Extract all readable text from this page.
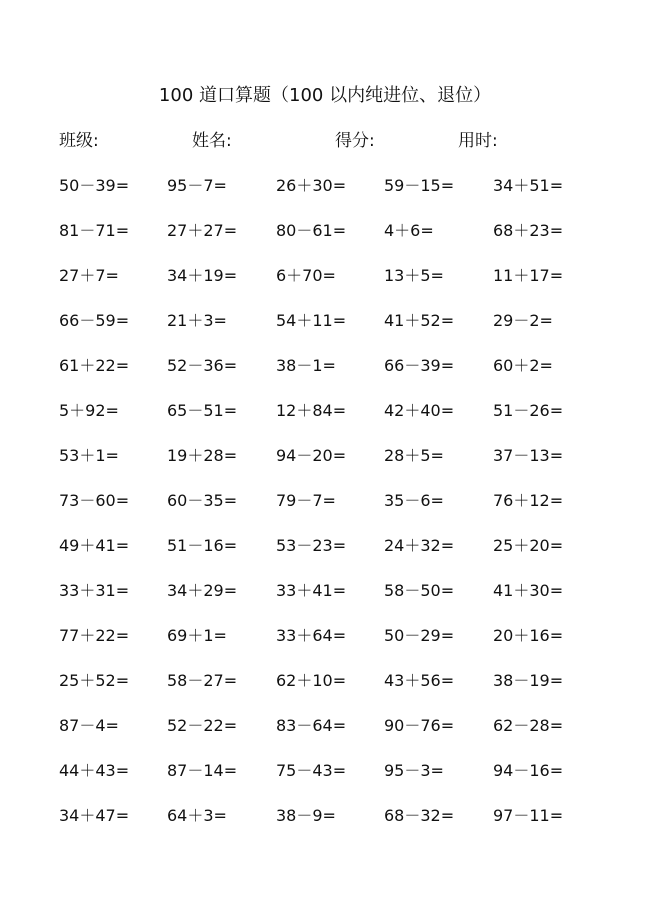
100 道口算题（100 以内纯进位、退位）
班级:	姓名:	得分:	用时:
50－39= 95－7=	26＋30= 59－15= 34＋51=
81－71= 27＋27= 80－61= 4＋6=	68＋23=
27＋7=	34＋19= 6＋70=	13＋5=	11＋17=
66－59= 21＋3=	54＋11= 41＋52= 29－2=
61＋22= 52－36= 38－1=	66－39= 60＋2=
5＋92=	65－51= 12＋84= 42＋40= 51－26=
53＋1=	19＋28= 94－20= 28＋5=	37－13=
73－60= 60－35= 79－7=	35－6=	76＋12=
49＋41= 51－16= 53－23= 24＋32= 25＋20=
33＋31= 34＋29= 33＋41= 58－50= 41＋30=
77＋22= 69＋1=	33＋64= 50－29= 20＋16=
25＋52= 58－27= 62＋10= 43＋56= 38－19=
87－4=	52－22= 83－64= 90－76= 62－28=
44＋43= 87－14= 75－43= 95－3=	94－16=
34＋47= 64＋3=	38－9=	68－32= 97－11=
